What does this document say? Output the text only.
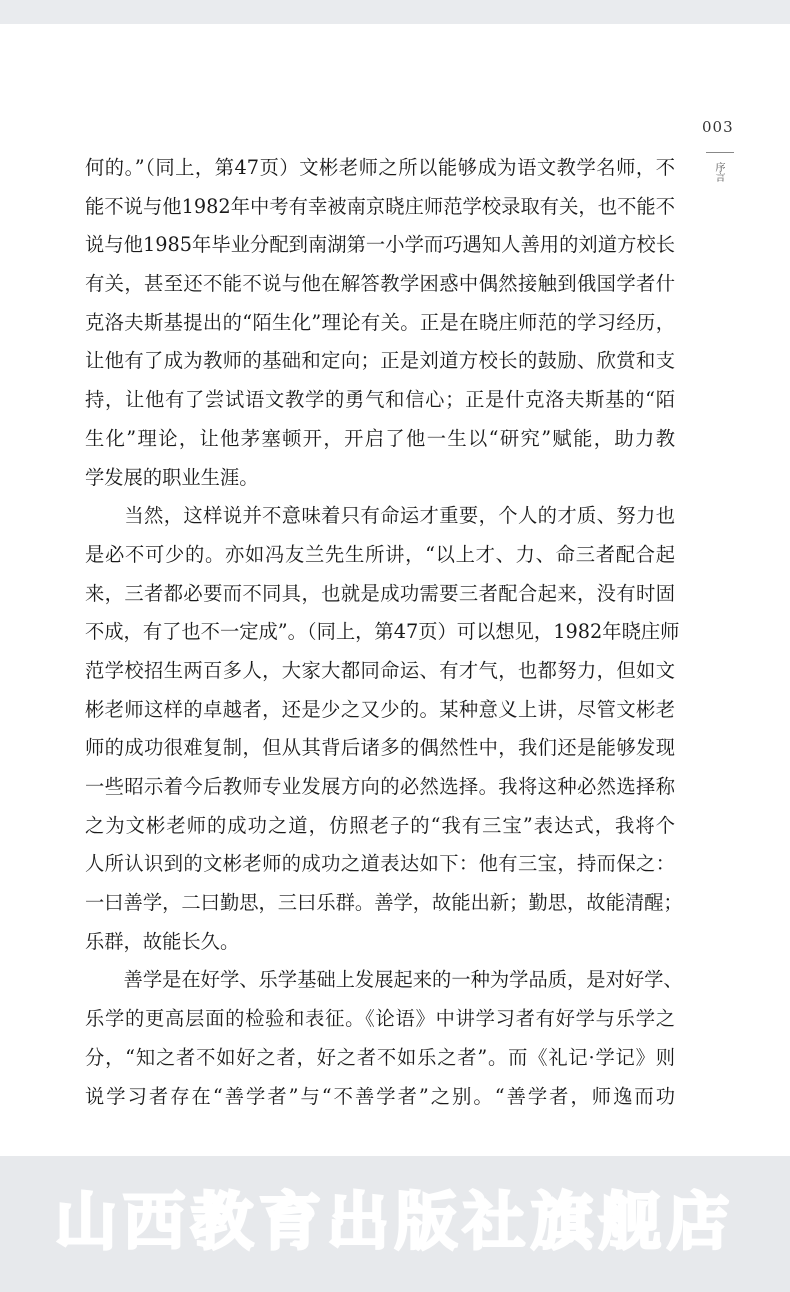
003
序言
何的。”（同上，第47页）文彬老师之所以能够成为语文教学名师，不
能不说与他1982年中考有幸被南京晓庄师范学校录取有关，也不能不
说与他1985年毕业分配到南湖第一小学而巧遇知人善用的刘道方校长
有关，甚至还不能不说与他在解答教学困惑中偶然接触到俄国学者什
克洛夫斯基提出的“陌生化”理论有关。正是在晓庄师范的学习经历，
让他有了成为教师的基础和定向；正是刘道方校长的鼓励、欣赏和支
持，让他有了尝试语文教学的勇气和信心；正是什克洛夫斯基的“陌
生化”理论，让他茅塞顿开，开启了他一生以“研究”赋能，助力教
学发展的职业生涯。
　　当然，这样说并不意味着只有命运才重要，个人的才质、努力也
是必不可少的。亦如冯友兰先生所讲，“以上才、力、命三者配合起
来，三者都必要而不同具，也就是成功需要三者配合起来，没有时固
不成，有了也不一定成”。（同上，第47页）可以想见，1982年晓庄师
范学校招生两百多人，大家大都同命运、有才气，也都努力，但如文
彬老师这样的卓越者，还是少之又少的。某种意义上讲，尽管文彬老
师的成功很难复制，但从其背后诸多的偶然性中，我们还是能够发现
一些昭示着今后教师专业发展方向的必然选择。我将这种必然选择称
之为文彬老师的成功之道，仿照老子的“我有三宝”表达式，我将个
人所认识到的文彬老师的成功之道表达如下：他有三宝，持而保之：
一曰善学，二曰勤思，三曰乐群。善学，故能出新；勤思，故能清醒；
乐群，故能长久。
　　善学是在好学、乐学基础上发展起来的一种为学品质，是对好学、
乐学的更高层面的检验和表征。《论语》中讲学习者有好学与乐学之
分，“知之者不如好之者，好之者不如乐之者”。而《礼记·学记》则
说学习者存在“善学者”与“不善学者”之别。“善学者，师逸而功
山西教育出版社旗舰店
